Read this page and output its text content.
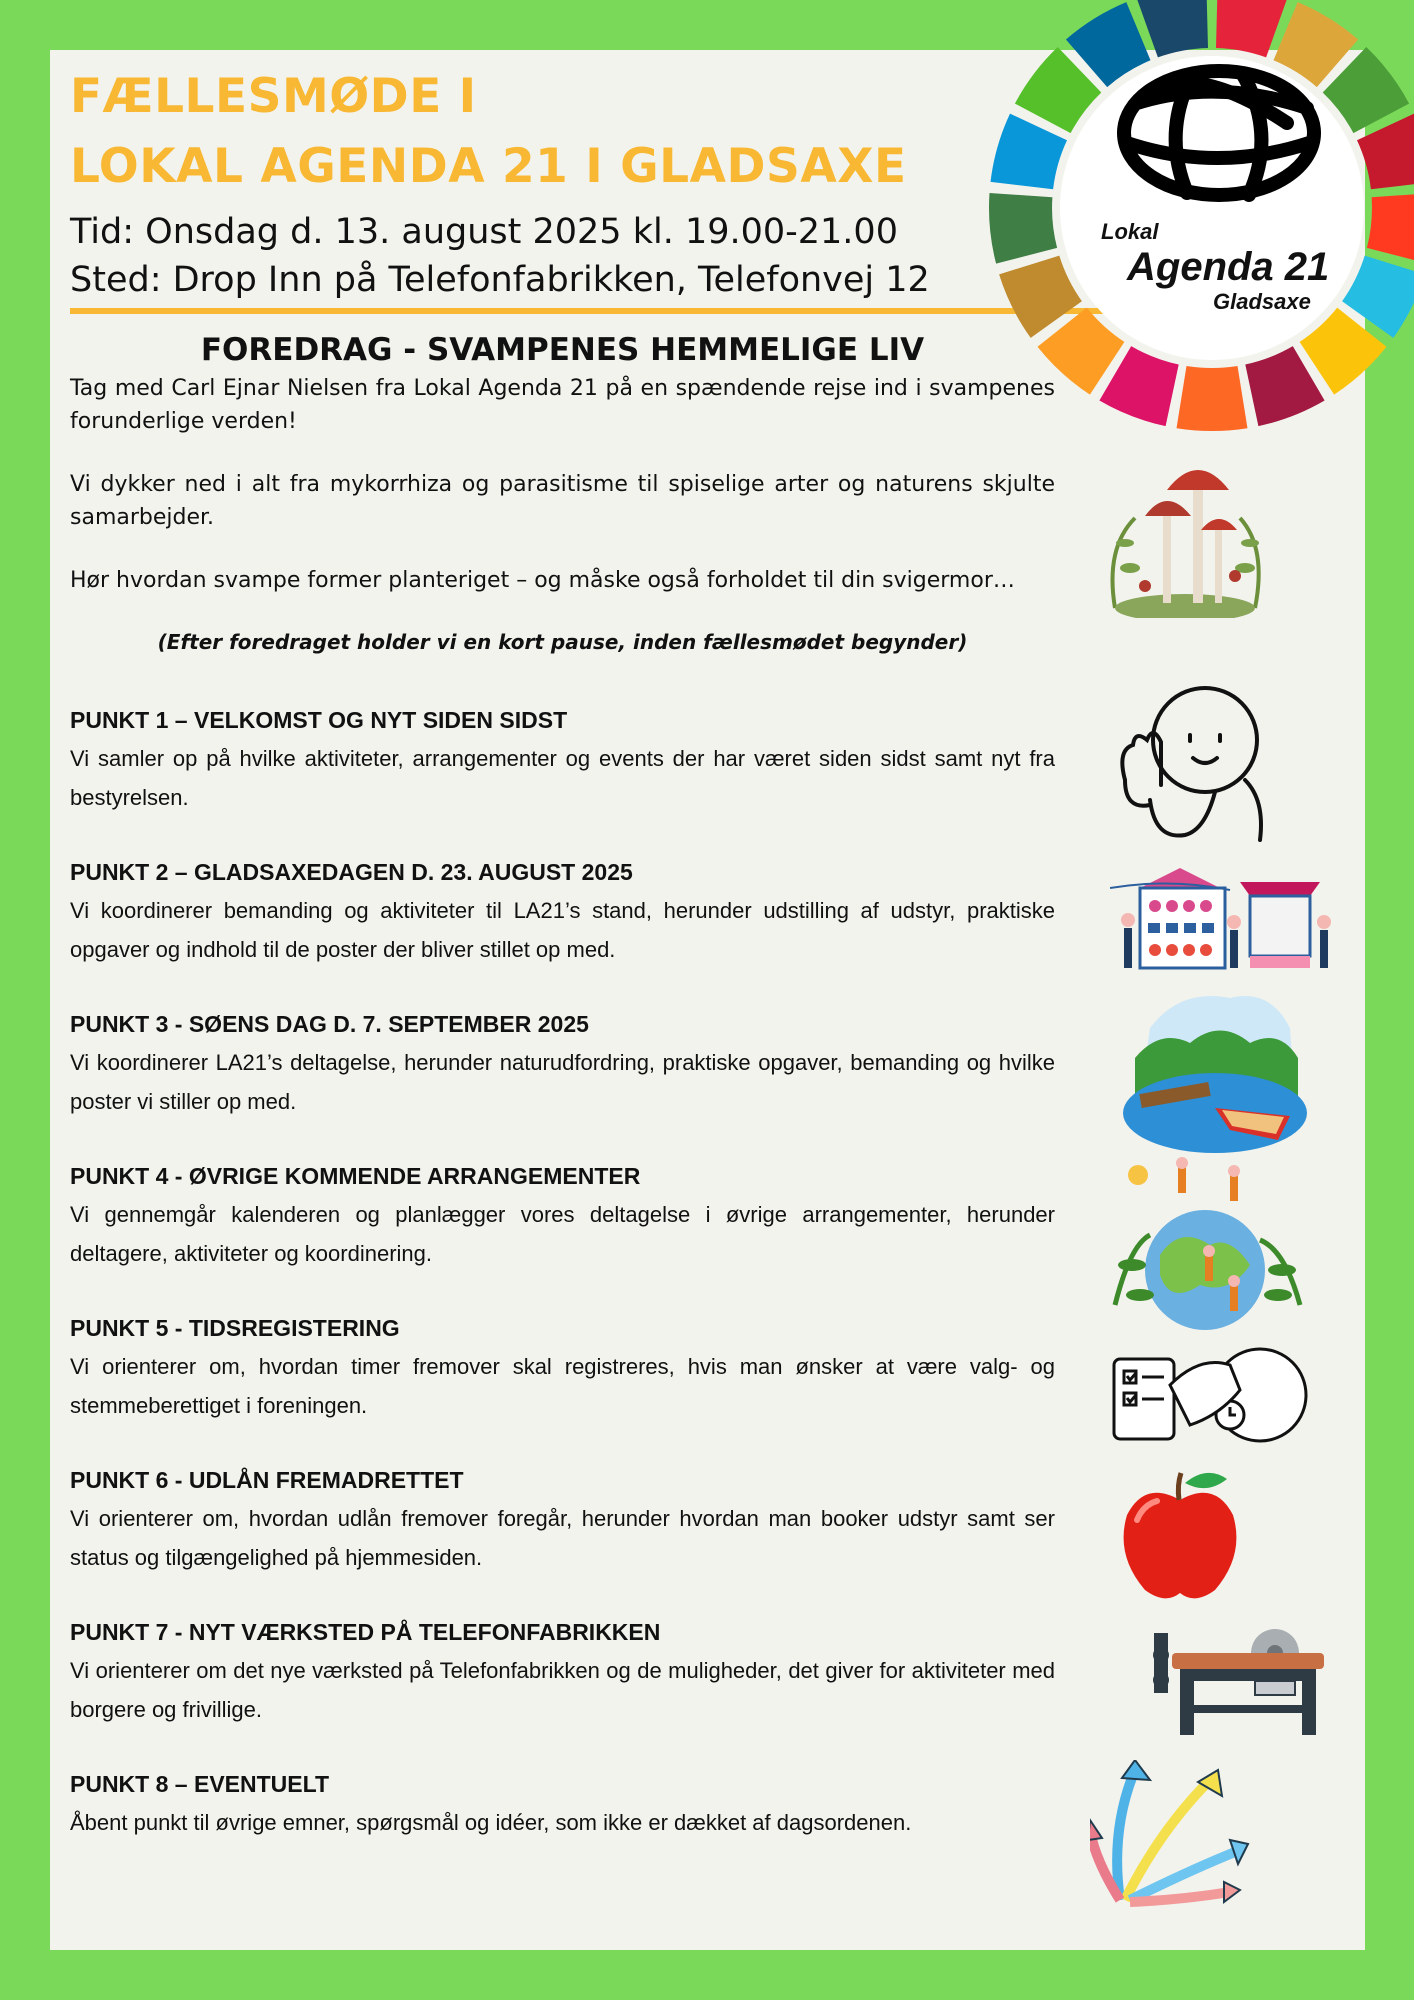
FÆLLESMØDE I
LOKAL AGENDA 21 I GLADSAXE

Tid: Onsdag d. 13. august 2025 kl. 19.00-21.00

Sted: Drop Inn på Telefonfabrikken, Telefonvej 12

Lokal
Agenda 21
Gladsaxe
FOREDRAG - SVAMPENES HEMMELIGE LIV

Tag med Carl Ejnar Nielsen fra Lokal Agenda 21 på en spændende rejse ind i svampenes forunderlige verden!

Vi dykker ned i alt fra mykorrhiza og parasitisme til spiselige arter og naturens skjulte samarbejder.

Hør hvordan svampe former planteriget – og måske også forholdet til din svigermor…

(Efter foredraget holder vi en kort pause, inden fællesmødet begynder)

PUNKT 1 – VELKOMST OG NYT SIDEN SIDST

Vi samler op på hvilke aktiviteter, arrangementer og events der har været siden sidst samt nyt fra bestyrelsen.

PUNKT 2 – GLADSAXEDAGEN D. 23. AUGUST 2025

Vi koordinerer bemanding og aktiviteter til LA21’s stand, herunder udstilling af udstyr, praktiske opgaver og indhold til de poster der bliver stillet op med.

PUNKT 3 - SØENS DAG D. 7. SEPTEMBER 2025

Vi koordinerer LA21’s deltagelse, herunder naturudfordring, praktiske opgaver, bemanding og hvilke poster vi stiller op med.

PUNKT 4 - ØVRIGE KOMMENDE ARRANGEMENTER

Vi gennemgår kalenderen og planlægger vores deltagelse i øvrige arrangementer, herunder deltagere, aktiviteter og koordinering.

PUNKT 5 - TIDSREGISTERING

Vi orienterer om, hvordan timer fremover skal registreres, hvis man ønsker at være valg- og stemmeberettiget i foreningen.

PUNKT 6 - UDLÅN FREMADRETTET

Vi orienterer om, hvordan udlån fremover foregår, herunder hvordan man booker udstyr samt ser status og tilgængelighed på hjemmesiden.

PUNKT 7 - NYT VÆRKSTED PÅ TELEFONFABRIKKEN

Vi orienterer om det nye værksted på Telefonfabrikken og de muligheder, det giver for aktiviteter med borgere og frivillige.

PUNKT 8 – EVENTUELT

Åbent punkt til øvrige emner, spørgsmål og idéer, som ikke er dækket af dagsordenen.
